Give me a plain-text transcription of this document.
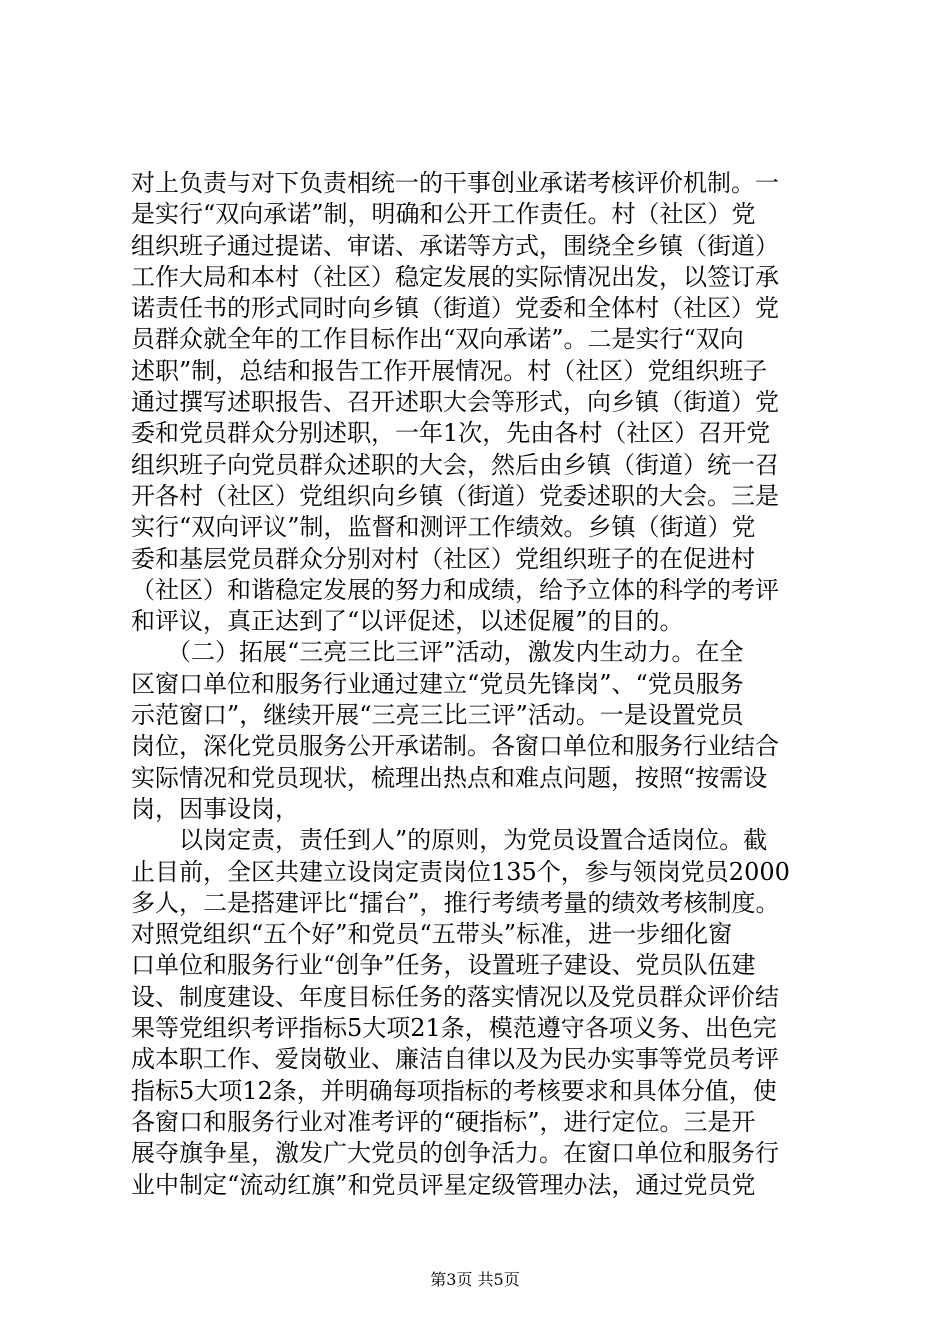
对上负责与对下负责相统一的干事创业承诺考核评价机制。一
是实行“双向承诺”制，明确和公开工作责任。村（社区）党
组织班子通过提诺、审诺、承诺等方式，围绕全乡镇（街道）
工作大局和本村（社区）稳定发展的实际情况出发，以签订承
诺责任书的形式同时向乡镇（街道）党委和全体村（社区）党
员群众就全年的工作目标作出“双向承诺”。二是实行“双向
述职”制，总结和报告工作开展情况。村（社区）党组织班子
通过撰写述职报告、召开述职大会等形式，向乡镇（街道）党
委和党员群众分别述职，一年1次，先由各村（社区）召开党
组织班子向党员群众述职的大会，然后由乡镇（街道）统一召
开各村（社区）党组织向乡镇（街道）党委述职的大会。三是
实行“双向评议”制，监督和测评工作绩效。乡镇（街道）党
委和基层党员群众分别对村（社区）党组织班子的在促进村
（社区）和谐稳定发展的努力和成绩，给予立体的科学的考评
和评议，真正达到了“以评促述，以述促履”的目的。
　　（二）拓展“三亮三比三评”活动，激发内生动力。在全
区窗口单位和服务行业通过建立“党员先锋岗”、“党员服务
示范窗口”，继续开展“三亮三比三评”活动。一是设置党员
岗位，深化党员服务公开承诺制。各窗口单位和服务行业结合
实际情况和党员现状，梳理出热点和难点问题，按照“按需设
岗，因事设岗，
　　以岗定责，责任到人”的原则，为党员设置合适岗位。截
止目前，全区共建立设岗定责岗位135个，参与领岗党员2000
多人，二是搭建评比“擂台”，推行考绩考量的绩效考核制度。
对照党组织“五个好”和党员“五带头”标准，进一步细化窗
口单位和服务行业“创争”任务，设置班子建设、党员队伍建
设、制度建设、年度目标任务的落实情况以及党员群众评价结
果等党组织考评指标5大项21条，模范遵守各项义务、出色完
成本职工作、爱岗敬业、廉洁自律以及为民办实事等党员考评
指标5大项12条，并明确每项指标的考核要求和具体分值，使
各窗口和服务行业对准考评的“硬指标”，进行定位。三是开
展夺旗争星，激发广大党员的创争活力。在窗口单位和服务行
业中制定“流动红旗”和党员评星定级管理办法，通过党员党
第3页 共5页
